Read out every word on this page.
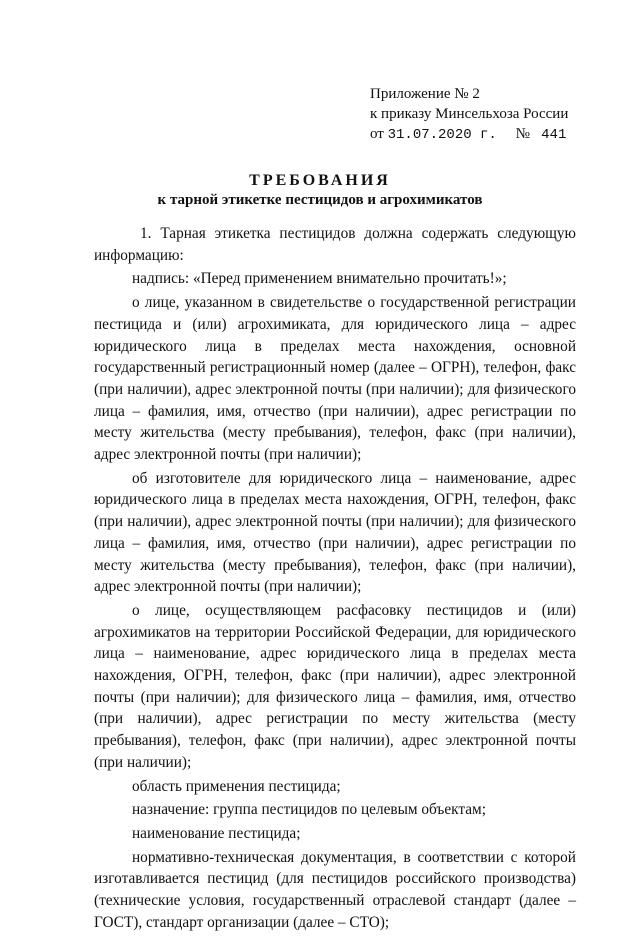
Приложение № 2
к приказу Минсельхоза России
от 31.07.2020 г. № 441
ТРЕБОВАНИЯ
к тарной этикетке пестицидов и агрохимикатов

1. Тарная этикетка пестицидов должна содержать следующую информацию:

надпись: «Перед применением внимательно прочитать!»;

о лице, указанном в свидетельстве о государственной регистрации пестицида и (или) агрохимиката, для юридического лица – адрес юридического лица в пределах места нахождения, основной государственный регистрационный номер (далее – ОГРН), телефон, факс (при наличии), адрес электронной почты (при наличии); для физического лица – фамилия, имя, отчество (при наличии), адрес регистрации по месту жительства (месту пребывания), телефон, факс (при наличии), адрес электронной почты (при наличии);

об изготовителе для юридического лица – наименование, адрес юридического лица в пределах места нахождения, ОГРН, телефон, факс (при наличии), адрес электронной почты (при наличии); для физического лица – фамилия, имя, отчество (при наличии), адрес регистрации по месту жительства (месту пребывания), телефон, факс (при наличии), адрес электронной почты (при наличии);

о лице, осуществляющем расфасовку пестицидов и (или) агрохимикатов на территории Российской Федерации, для юридического лица – наименование, адрес юридического лица в пределах места нахождения, ОГРН, телефон, факс (при наличии), адрес электронной почты (при наличии); для физического лица – фамилия, имя, отчество (при наличии), адрес регистрации по месту жительства (месту пребывания), телефон, факс (при наличии), адрес электронной почты (при наличии);

область применения пестицида;

назначение: группа пестицидов по целевым объектам;

наименование пестицида;

нормативно-техническая документация, в соответствии с которой изготавливается пестицид (для пестицидов российского производства) (технические условия, государственный отраслевой стандарт (далее – ГОСТ), стандарт организации (далее – СТО);
